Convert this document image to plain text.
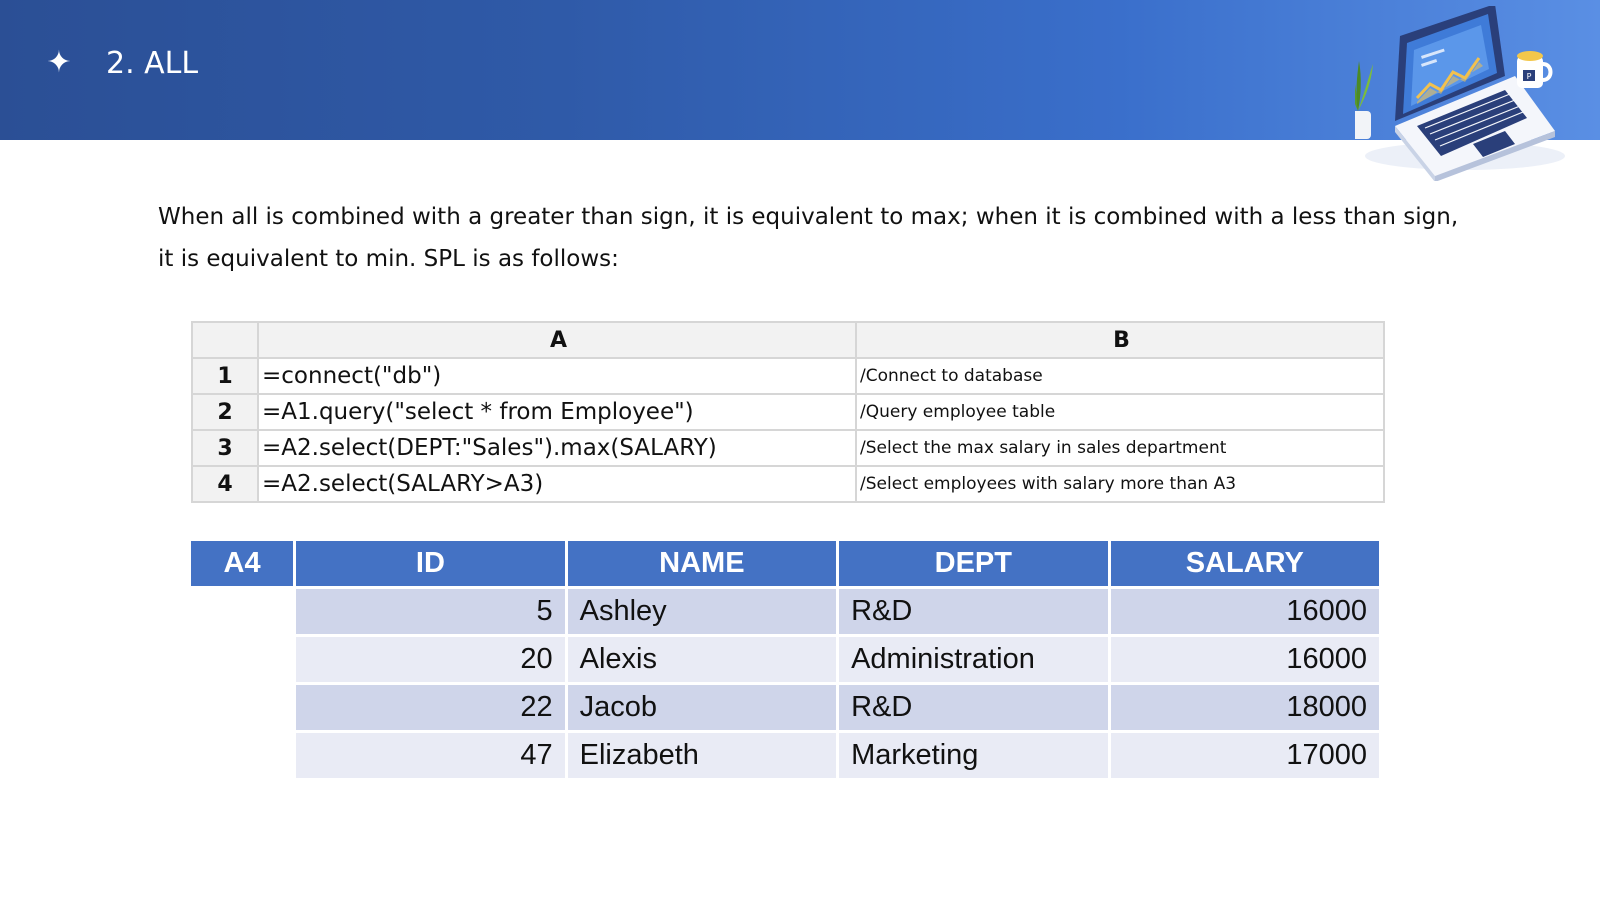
✦ 2. ALL	P
When all is combined with a greater than sign, it is equivalent to max; when it is combined with a less than sign,
it is equivalent to min. SPL is as follows:
	A	B
1	=connect("db")	/Connect to database
2	=A1.query("select * from Employee")	/Query employee table
3	=A2.select(DEPT:"Sales").max(SALARY)	/Select the max salary in sales department
4	=A2.select(SALARY>A3)	/Select employees with salary more than A3
A4	ID	NAME	DEPT	SALARY
	5	Ashley	R&D	16000
	20	Alexis	Administration	16000
	22	Jacob	R&D	18000
	47	Elizabeth	Marketing	17000
